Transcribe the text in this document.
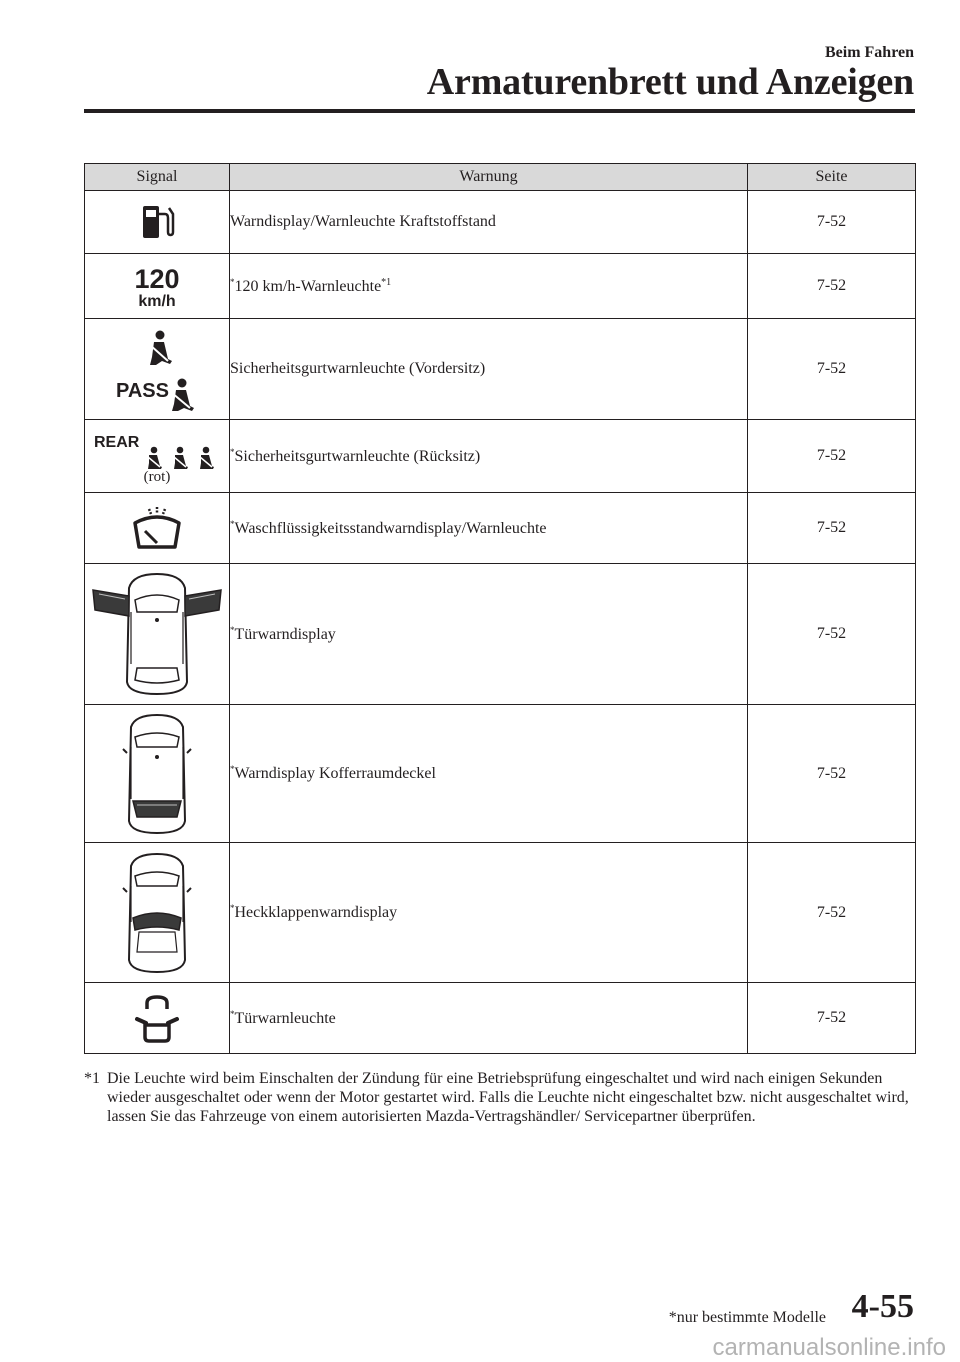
Beim Fahren
Armaturenbrett und Anzeigen
Signal	Warnung	Seite

	Warndisplay/Warnleuchte Kraftstoffstand	7-52

120
km/h	*120 km/h-Warnleuchte$^{*1}$	7-52

PASS	Sicherheitsgurtwarnleuchte (Vordersitz)	7-52

REAR
(rot)	*Sicherheitsgurtwarnleuchte (Rücksitz)	7-52

	*Waschflüssigkeitsstandwarndisplay/Warnleuchte	7-52

	*Türwarndisplay	7-52

	*Warndisplay Kofferraumdeckel	7-52

	*Heckklappenwarndisplay	7-52

	*Türwarnleuchte	7-52
*1 Die Leuchte wird beim Einschalten der Zündung für eine Betriebsprüfung eingeschaltet und wird nach einigen Sekunden wieder ausgeschaltet oder wenn der Motor gestartet wird. Falls die Leuchte nicht eingeschaltet bzw. nicht ausgeschaltet wird, lassen Sie das Fahrzeuge von einem autorisierten Mazda-Vertragshändler/ Servicepartner überprüfen.
*nur bestimmte Modelle 4-55
carmanualsonline.info
